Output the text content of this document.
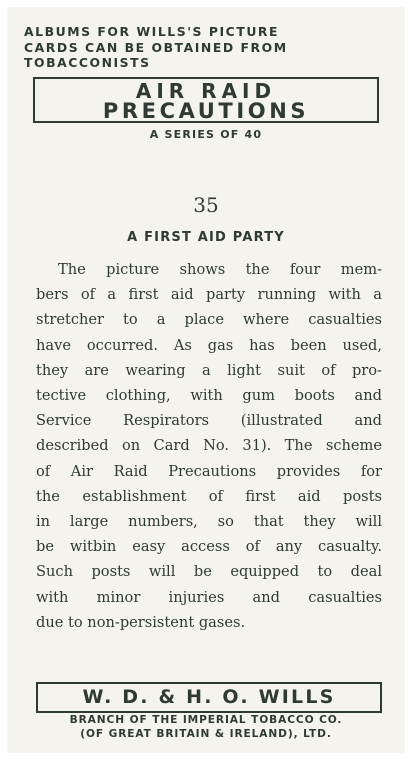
ALBUMS FOR WILLS'S PICTURE
CARDS CAN BE OBTAINED FROM
TOBACCONISTS
AIR RAID
PRECAUTIONS
A SERIES OF 40
35
A FIRST AID PARTY
The picture shows the four mem-
bers of a first aid party running with a
stretcher to a place where casualties
have occurred. As gas has been used,
they are wearing a light suit of pro-
tective clothing, with gum boots and
Service Respirators (illustrated and
described on Card No. 31). The scheme
of Air Raid Precautions provides for
the establishment of first aid posts
in large numbers, so that they will
be witbin easy access of any casualty.
Such posts will be equipped to deal
with minor injuries and casualties
due to non-persistent gases.
W. D. & H. O. WILLS
BRANCH OF THE IMPERIAL TOBACCO CO.
(OF GREAT BRITAIN & IRELAND), LTD.
